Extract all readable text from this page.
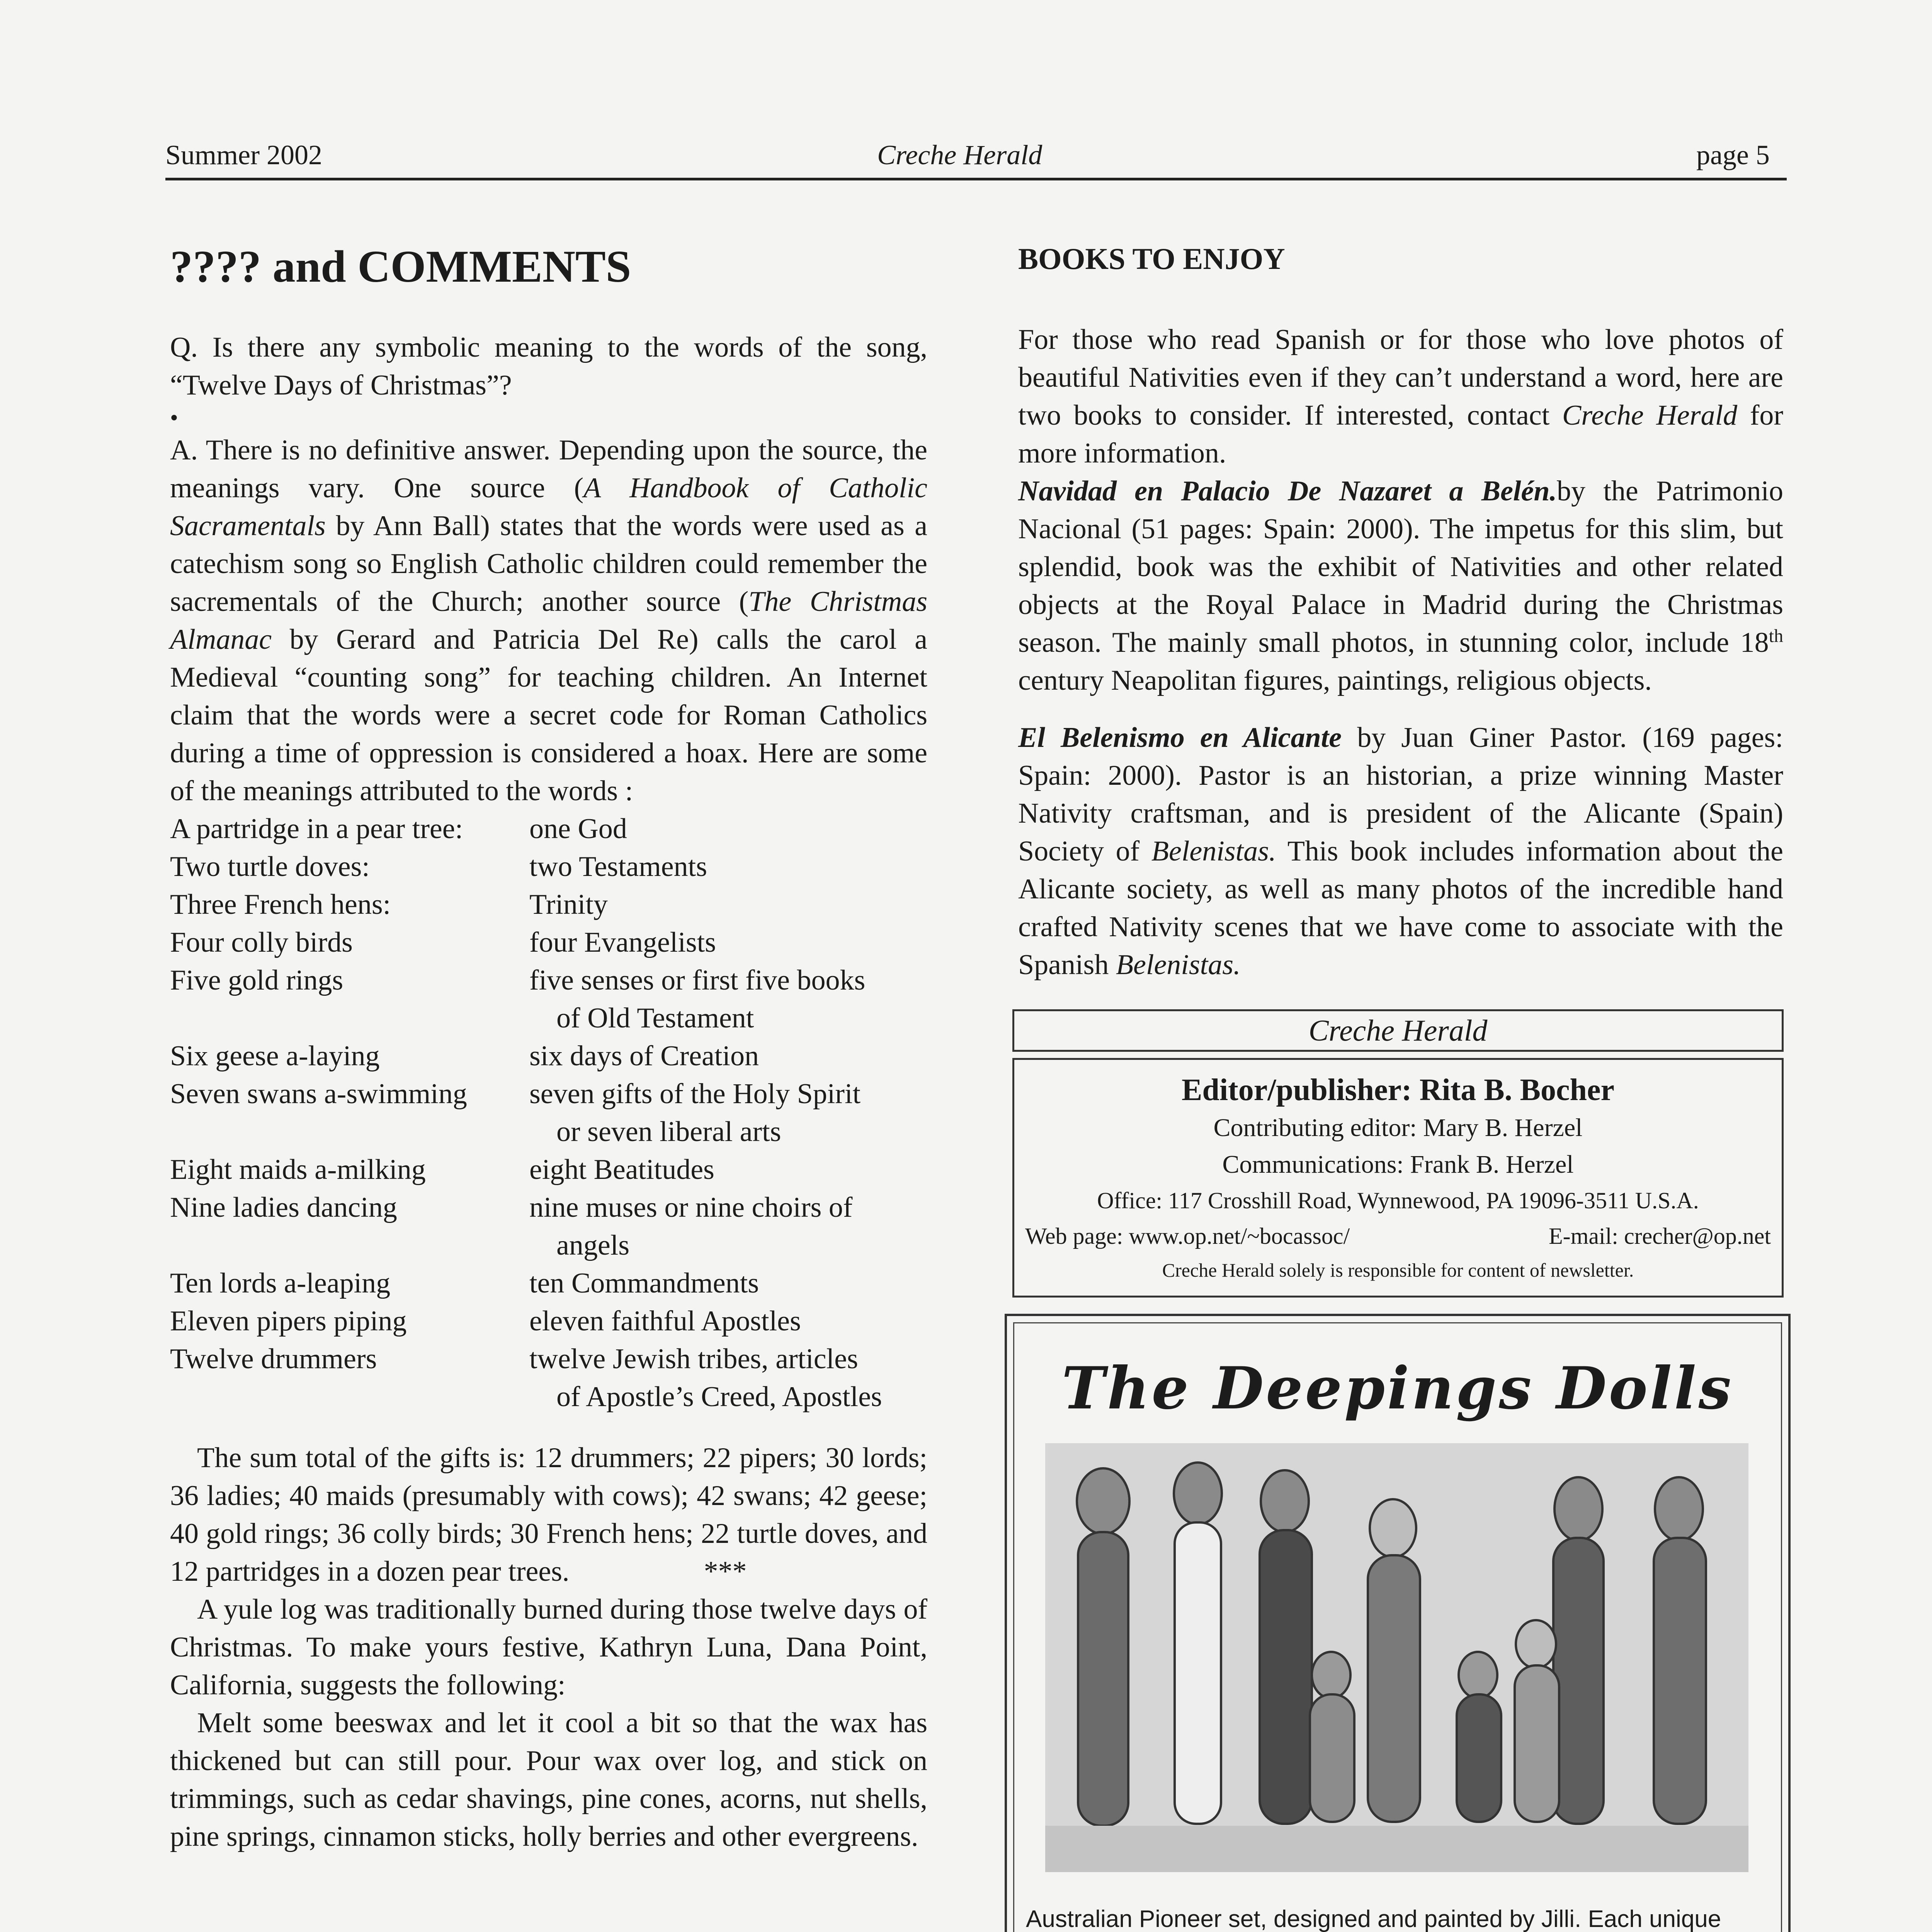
Summer 2002	Creche Herald	page 5
???? and COMMENTS

Q. Is there any symbolic meaning to the words of the song, “Twelve Days of Christmas”?

•

A. There is no definitive answer. Depending upon the source, the meanings vary. One source (A Handbook of Catholic Sacramentals by Ann Ball) states that the words were used as a catechism song so English Catholic children could remember the sacrementals of the Church; another source (The Christmas Almanac by Gerard and Patricia Del Re) calls the carol a Medieval “counting song” for teaching children. An Internet claim that the words were a secret code for Roman Catholics during a time of oppression is considered a hoax. Here are some of the meanings attributed to the words :

A partridge in a pear tree:	one God
Two turtle doves:	two Testaments
Three French hens:	Trinity
Four colly birds	four Evangelists
Five gold rings	five senses or first five books
of Old Testament
Six geese a-laying	six days of Creation
Seven swans a-swimming	seven gifts of the Holy Spirit
or seven liberal arts
Eight maids a-milking	eight Beatitudes
Nine ladies dancing	nine muses or nine choirs of
angels
Ten lords a-leaping	ten Commandments
Eleven pipers piping	eleven faithful Apostles
Twelve drummers	twelve Jewish tribes, articles
of Apostle’s Creed, Apostles

The sum total of the gifts is: 12 drummers; 22 pipers; 30 lords; 36 ladies; 40 maids (presumably with cows); 42 swans; 42 geese; 40 gold rings; 36 colly birds; 30 French hens; 22 turtle doves, and 12 partridges in a dozen pear trees.	***

A yule log was traditionally burned during those twelve days of Christmas. To make yours festive, Kathryn Luna, Dana Point, California, suggests the following:

Melt some beeswax and let it cool a bit so that the wax has thickened but can still pour. Pour wax over log, and stick on trimmings, such as cedar shavings, pine cones, acorns, nut shells, pine springs, cinnamon sticks, holly berries and other evergreens.

BOOKS TO ENJOY

For those who read Spanish or for those who love photos of beautiful Nativities even if they can’t understand a word, here are two books to consider. If interested, contact Creche Herald for more information.

Navidad en Palacio De Nazaret a Belén.by the Patrimonio Nacional (51 pages: Spain: 2000). The impetus for this slim, but splendid, book was the exhibit of Nativities and other related objects at the Royal Palace in Madrid during the Christmas season. The mainly small photos, in stunning color, include 18th century Neapolitan figures, paintings, religious objects.

El Belenismo en Alicante by Juan Giner Pastor. (169 pages: Spain: 2000). Pastor is an historian, a prize winning Master Nativity craftsman, and is president of the Alicante (Spain) Society of Belenistas. This book includes information about the Alicante society, as well as many photos of the incredible hand crafted Nativity scenes that we have come to associate with the Spanish Belenistas.

Creche Herald
Editor/publisher: Rita B. Bocher
Contributing editor: Mary B. Herzel
Communications: Frank B. Herzel
Office: 117 Crosshill Road, Wynnewood, PA 19096-3511 U.S.A.
Web page: www.op.net/~bocassoc/	E-mail: crecher@op.net
Creche Herald solely is responsible for content of newsletter.
The Deepings Dolls
Australian Pioneer set, designed and painted by Jilli. Each unique
